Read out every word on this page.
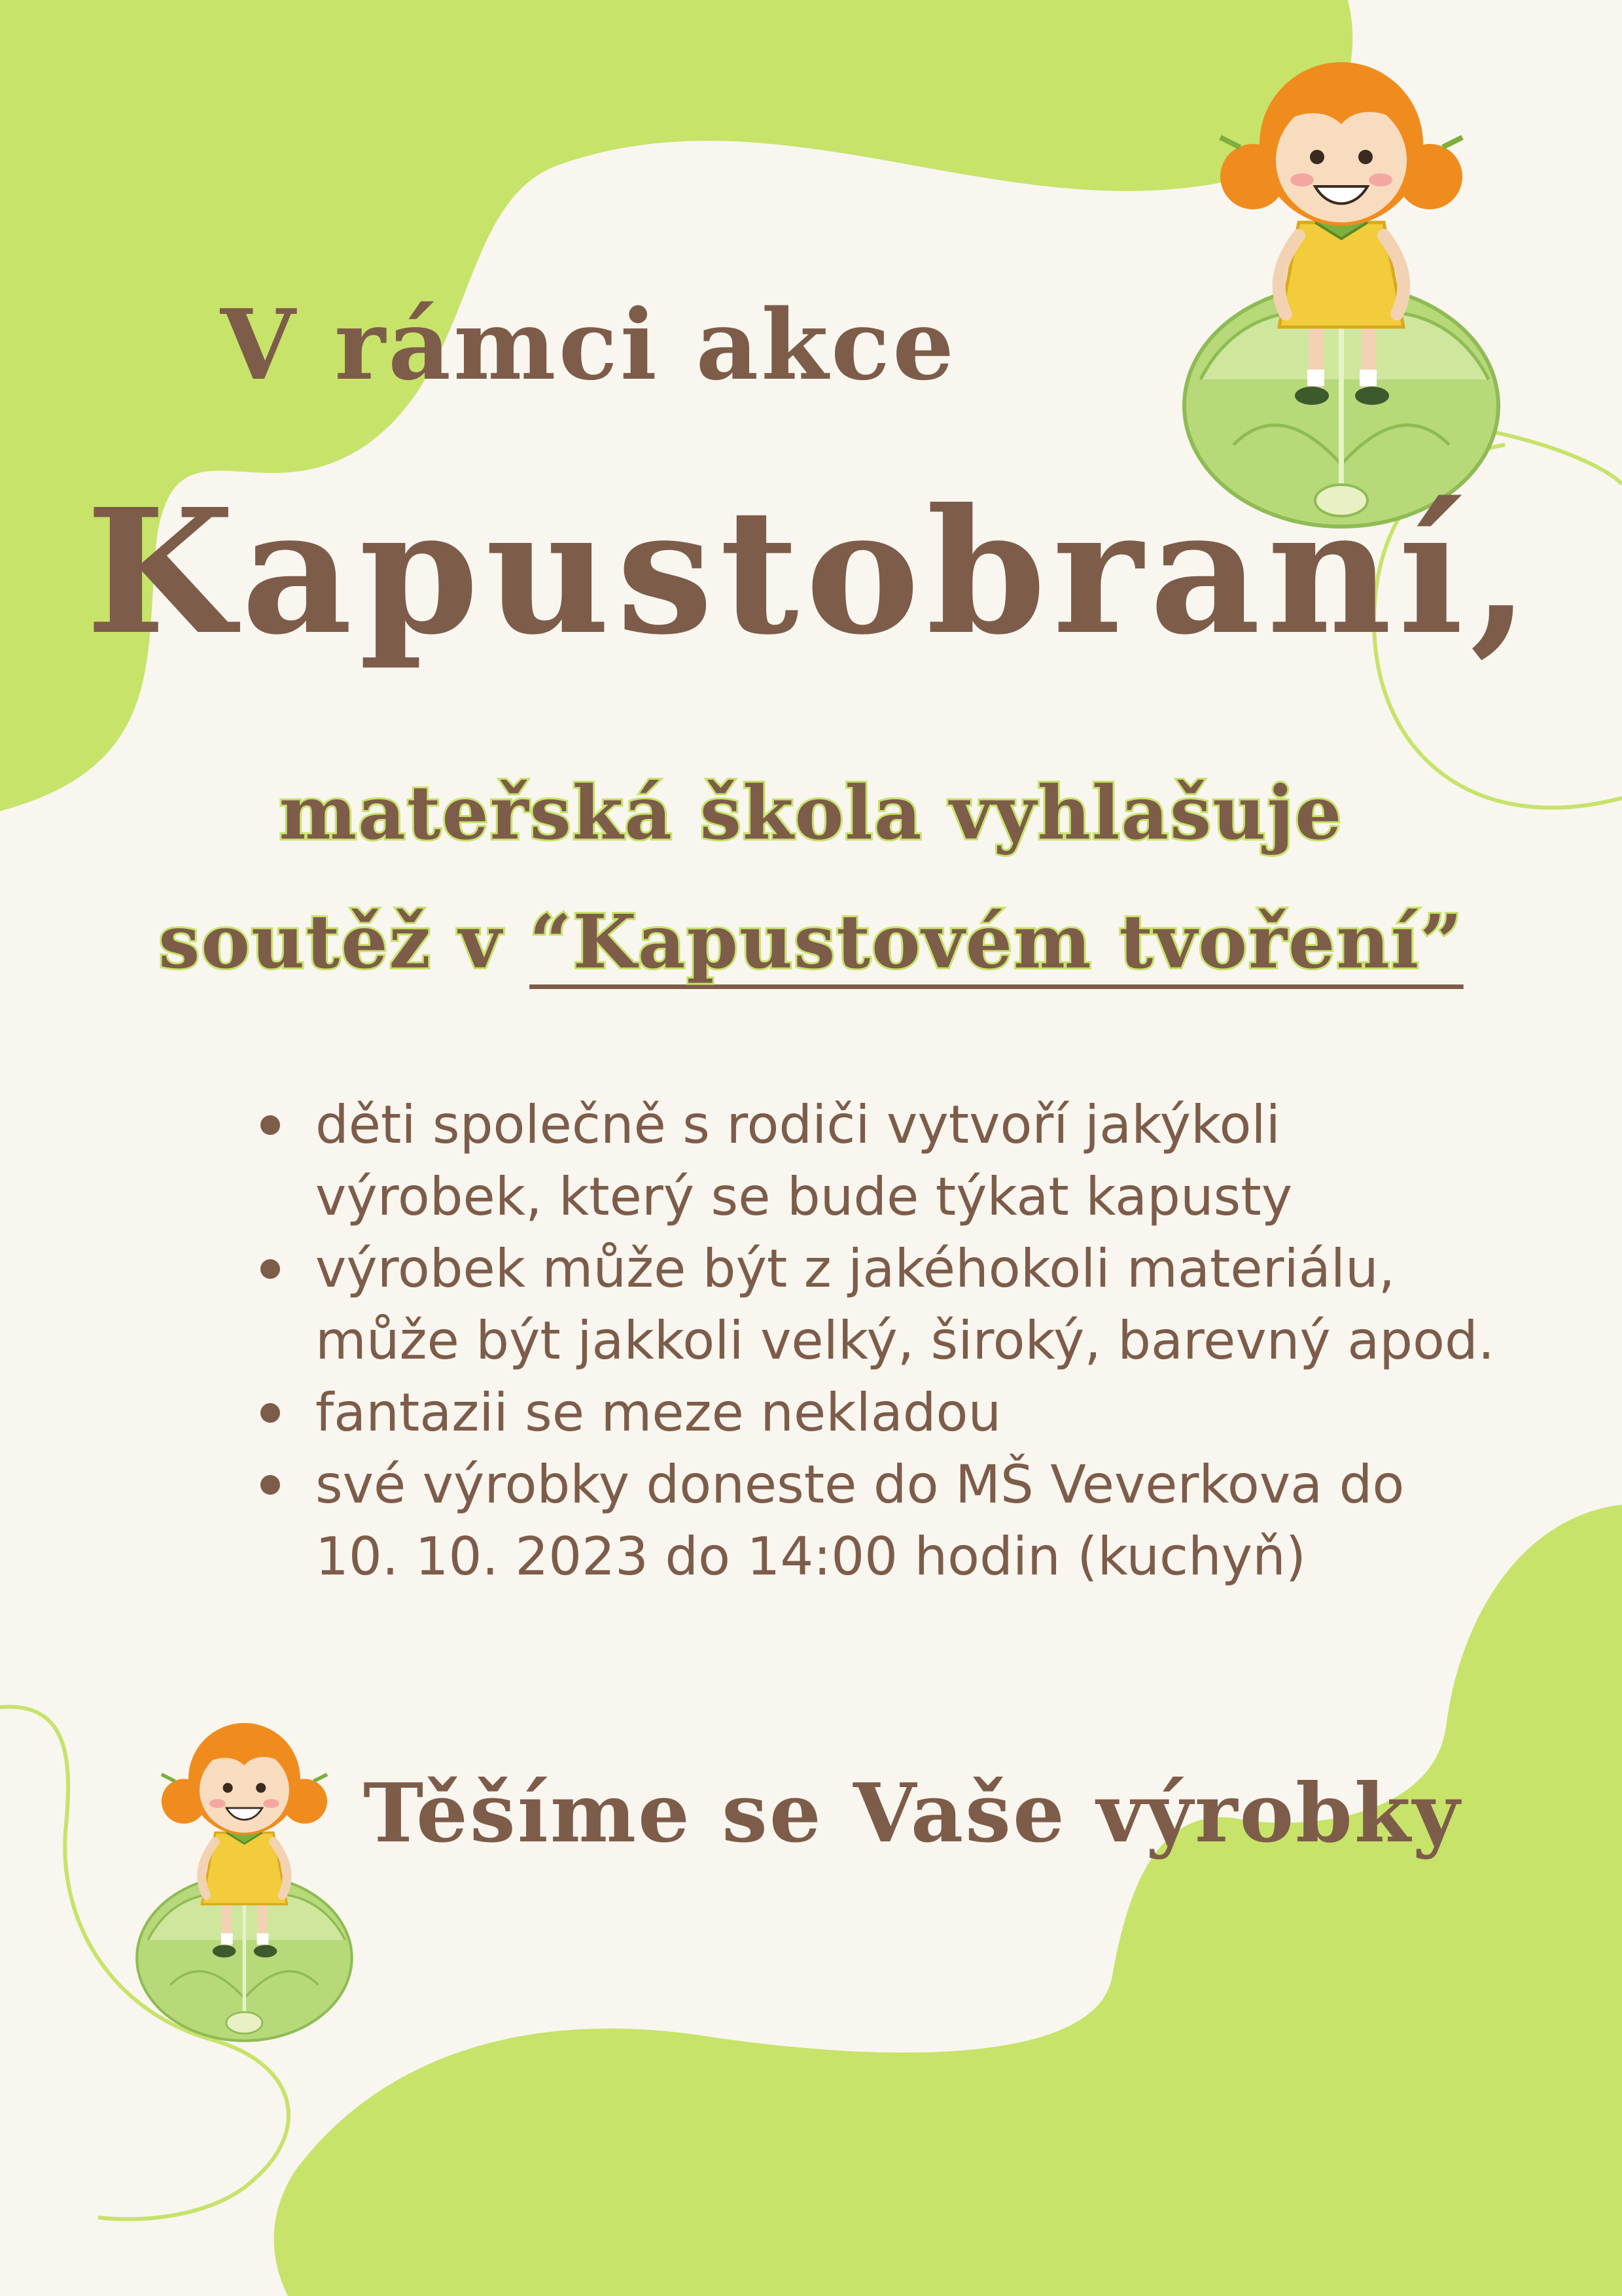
V rámci akce
Kapustobraní,
mateřská škola vyhlašuje
soutěž v “Kapustovém tvoření”
děti společně s rodiči vytvoří jakýkoli výrobek, který se bude týkat kapusty
výrobek může být z jakéhokoli materiálu, může být jakkoli velký, široký, barevný apod.
fantazii se meze nekladou
své výrobky doneste do MŠ Veverkova do 10. 10. 2023 do 14:00 hodin (kuchyň)
Těšíme se Vaše výrobky
